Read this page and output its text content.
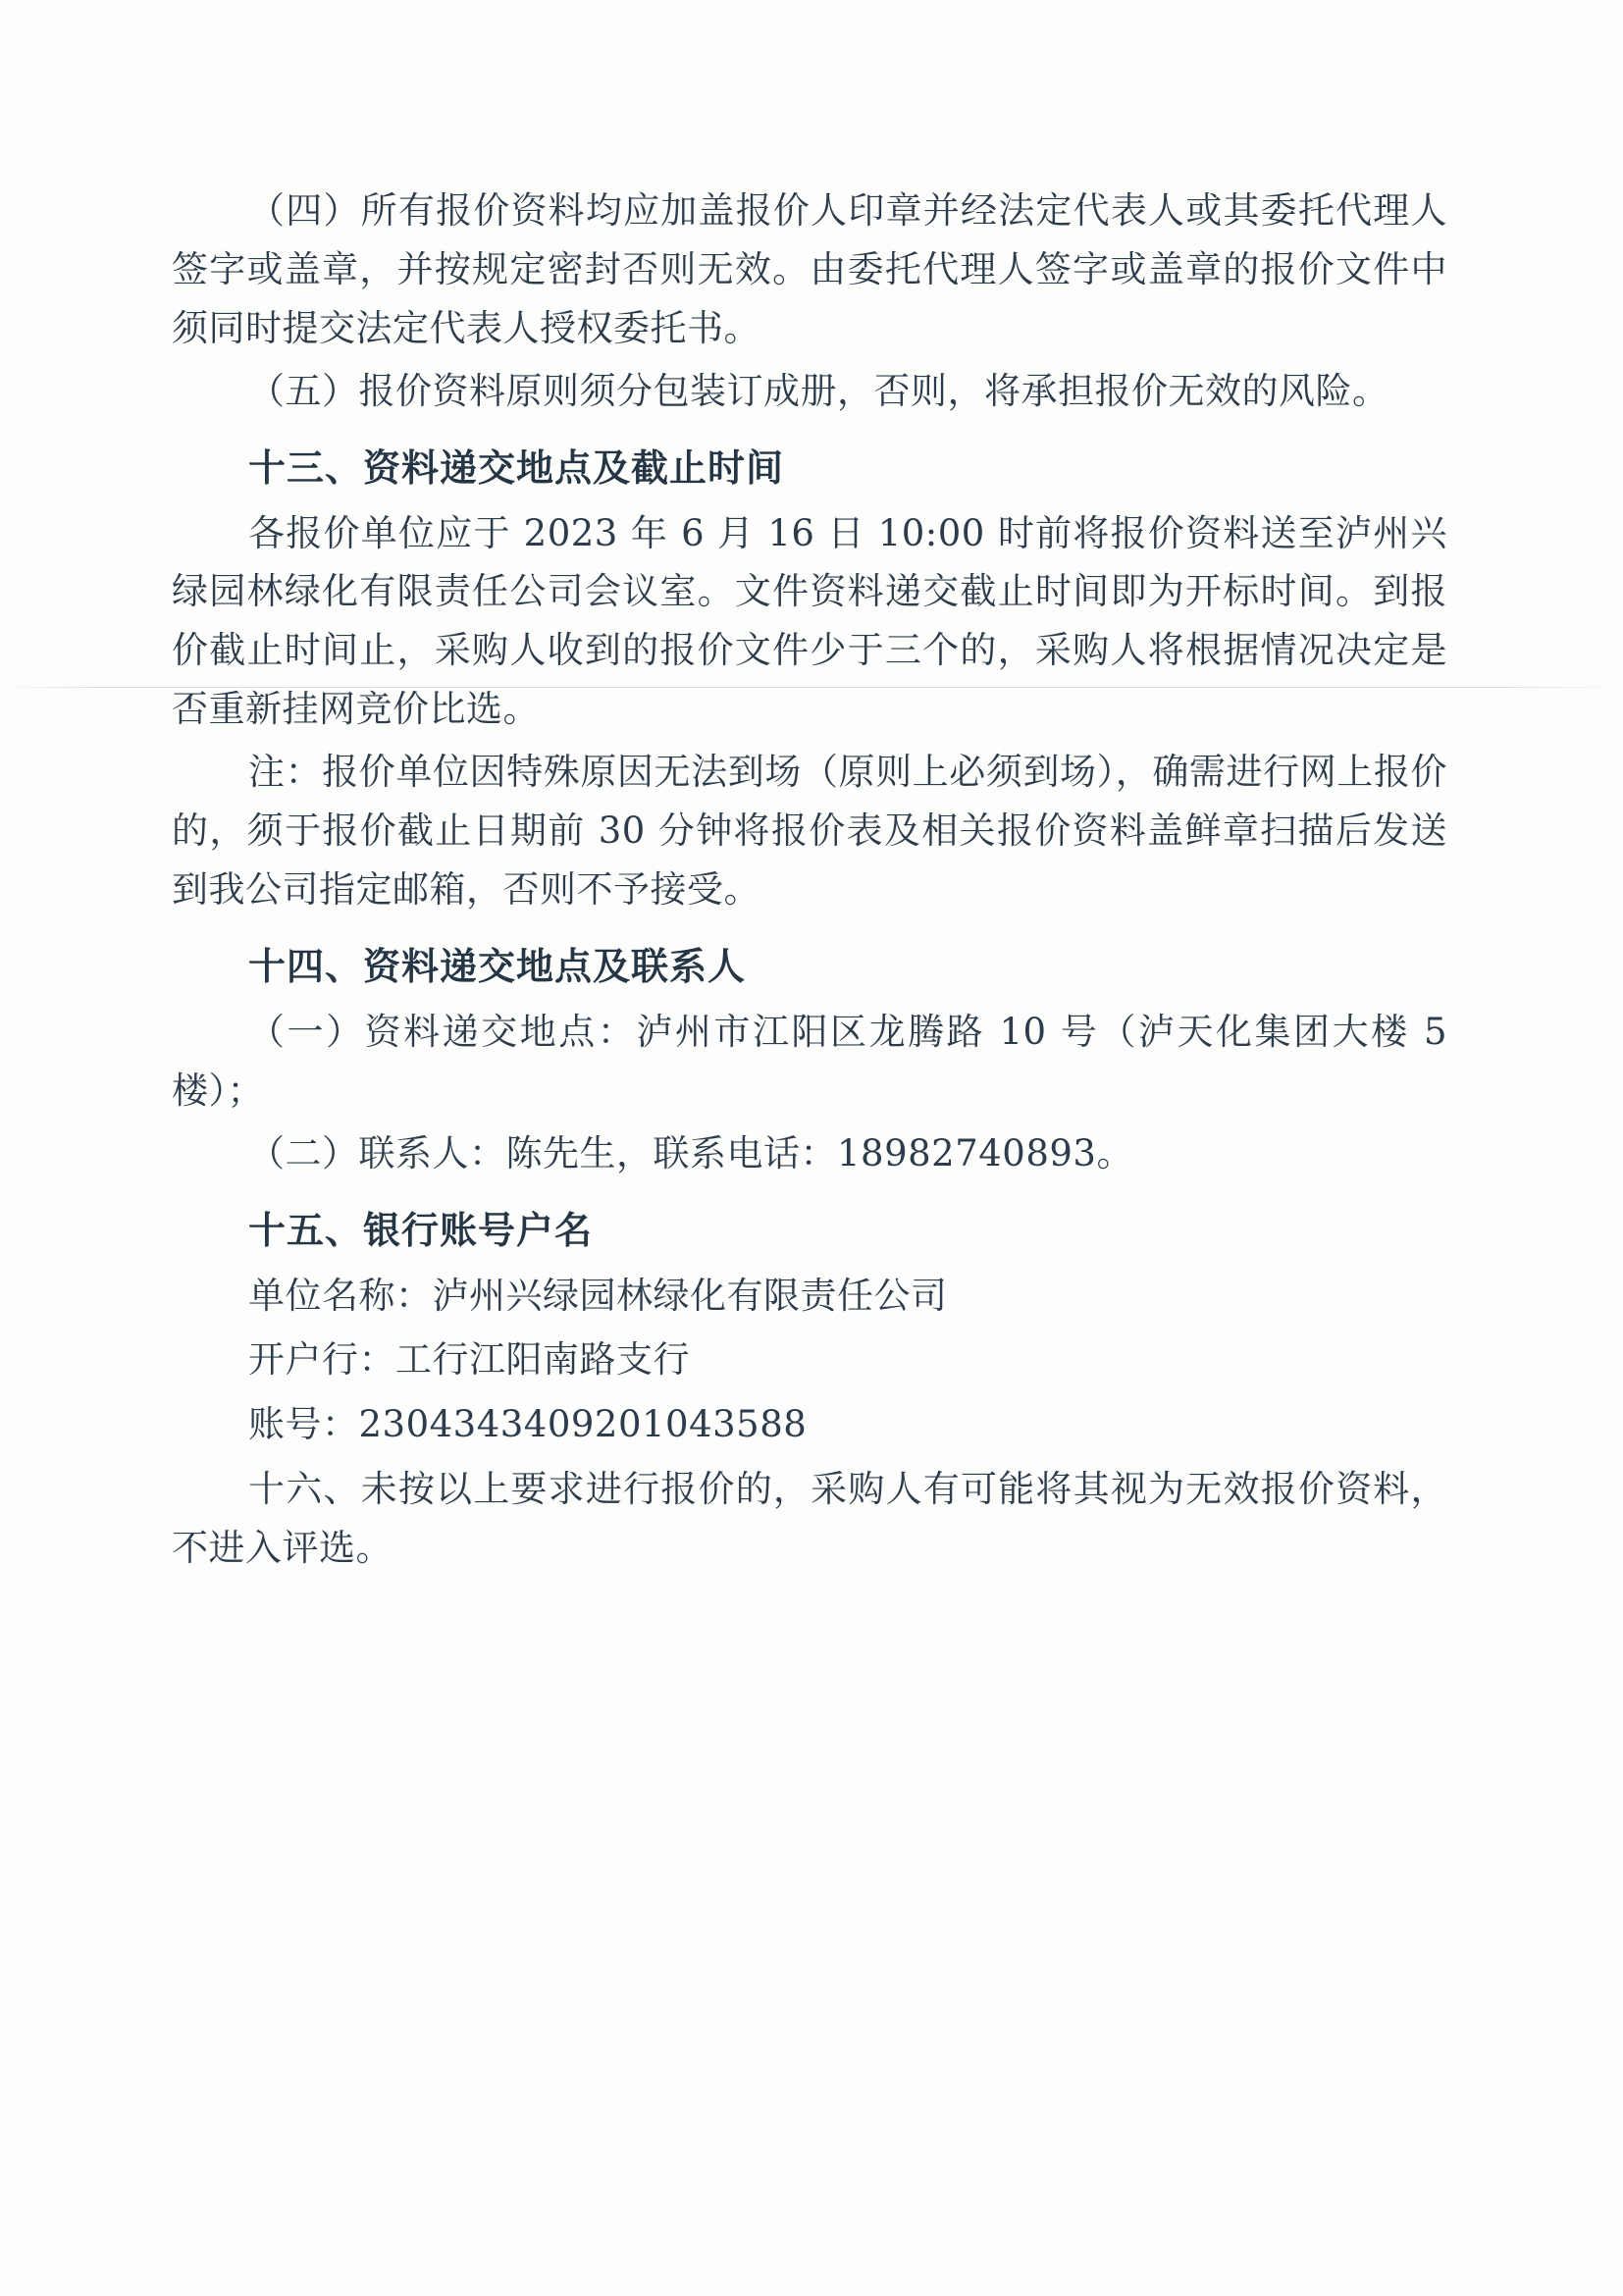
（四）所有报价资料均应加盖报价人印章并经法定代表人或其委托代理人签字或盖章，并按规定密封否则无效。由委托代理人签字或盖章的报价文件中须同时提交法定代表人授权委托书。

（五）报价资料原则须分包装订成册，否则，将承担报价无效的风险。

十三、资料递交地点及截止时间

各报价单位应于 2023 年 6 月 16 日 10:00 时前将报价资料送至泸州兴绿园林绿化有限责任公司会议室。文件资料递交截止时间即为开标时间。到报价截止时间止，采购人收到的报价文件少于三个的，采购人将根据情况决定是否重新挂网竞价比选。

注：报价单位因特殊原因无法到场（原则上必须到场），确需进行网上报价的，须于报价截止日期前 30 分钟将报价表及相关报价资料盖鲜章扫描后发送到我公司指定邮箱，否则不予接受。

十四、资料递交地点及联系人

（一）资料递交地点：泸州市江阳区龙腾路 10 号（泸天化集团大楼 5 楼）；

（二）联系人：陈先生，联系电话：18982740893。

十五、银行账号户名
单位名称：泸州兴绿园林绿化有限责任公司
开户行：工行江阳南路支行
账号：2304343409201043588

十六、未按以上要求进行报价的，采购人有可能将其视为无效报价资料，不进入评选。
